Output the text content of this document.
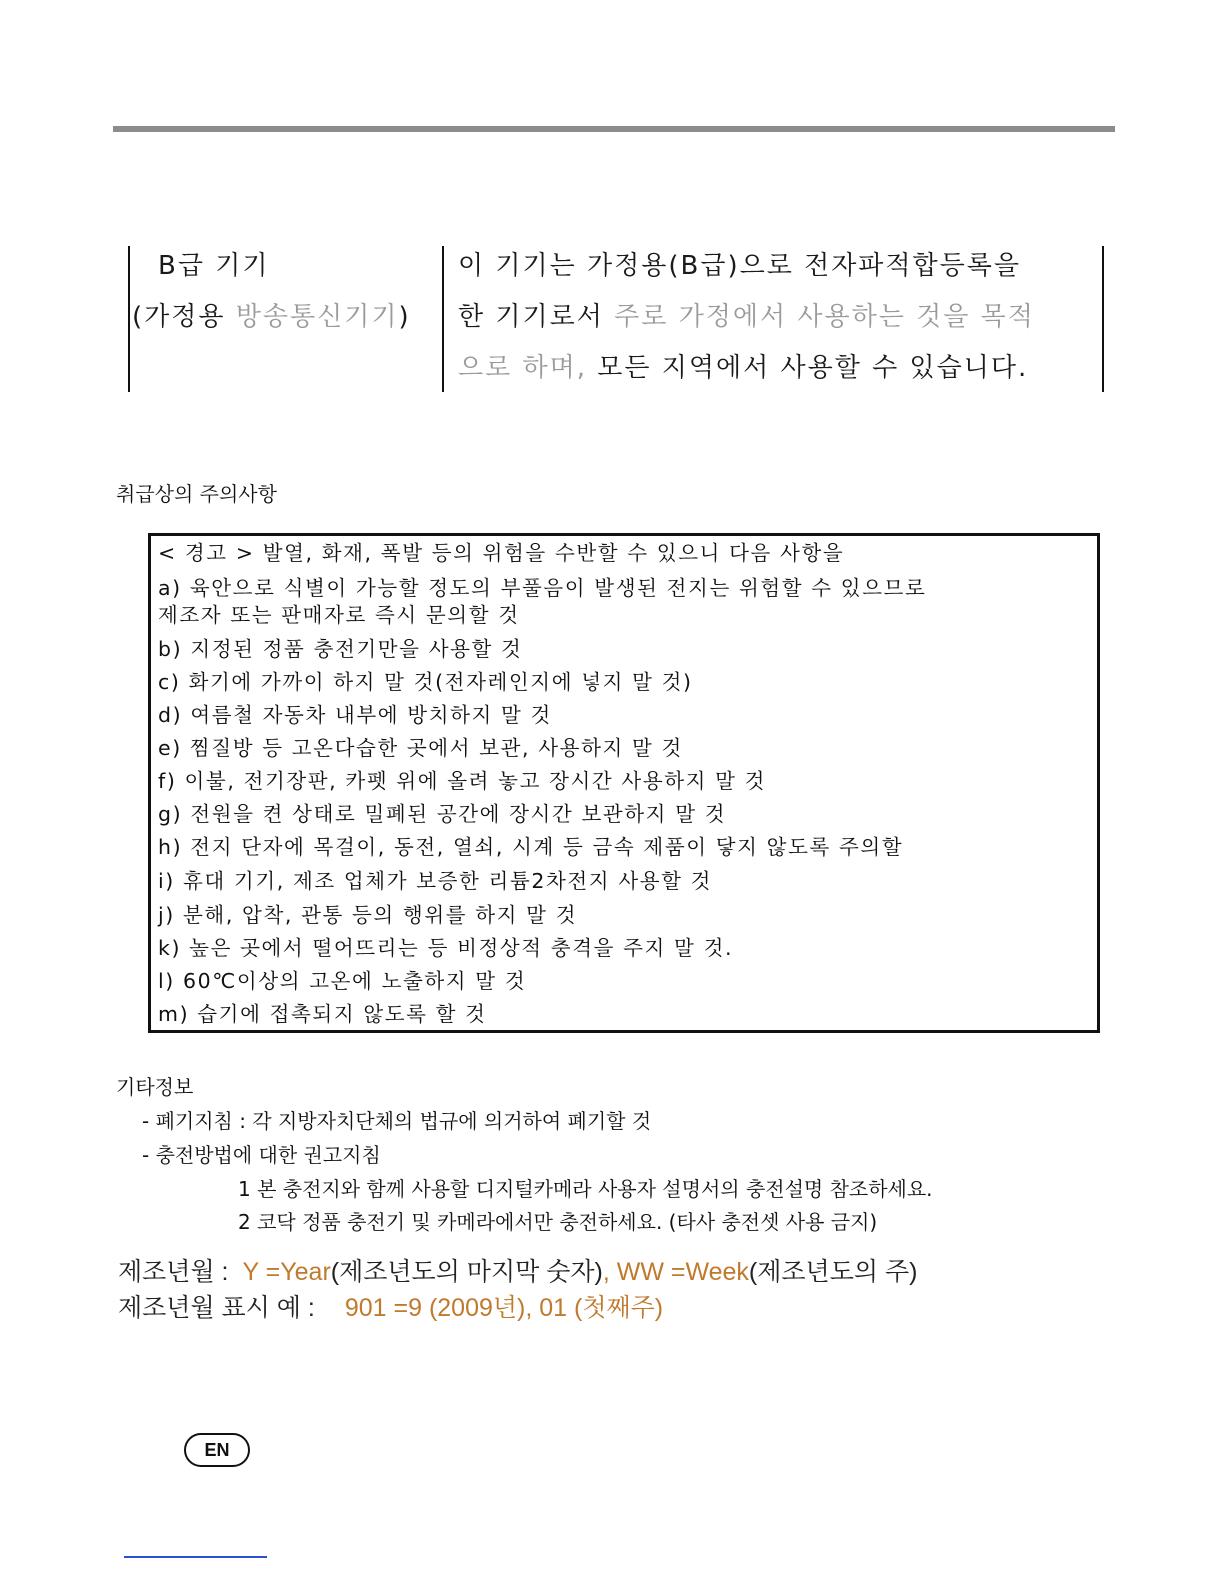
B급 기기
(가정용 방송통신기기)
이 기기는 가정용(B급)으로 전자파적합등록을
한 기기로서 주로 가정에서 사용하는 것을 목적
으로 하며, 모든 지역에서 사용할 수 있습니다.
취급상의 주의사항
< 경고 > 발열, 화재, 폭발 등의 위험을 수반할 수 있으니 다음 사항을
a) 육안으로 식별이 가능할 정도의 부풀음이 발생된 전지는 위험할 수 있으므로
제조자 또는 판매자로 즉시 문의할 것
b) 지정된 정품 충전기만을 사용할 것
c) 화기에 가까이 하지 말 것(전자레인지에 넣지 말 것)
d) 여름철 자동차 내부에 방치하지 말 것
e) 찜질방 등 고온다습한 곳에서 보관, 사용하지 말 것
f) 이불, 전기장판, 카펫 위에 올려 놓고 장시간 사용하지 말 것
g) 전원을 켠 상태로 밀폐된 공간에 장시간 보관하지 말 것
h) 전지 단자에 목걸이, 동전, 열쇠, 시계 등 금속 제품이 닿지 않도록 주의할
i) 휴대 기기, 제조 업체가 보증한 리튬2차전지 사용할 것
j) 분해, 압착, 관통 등의 행위를 하지 말 것
k) 높은 곳에서 떨어뜨리는 등 비정상적 충격을 주지 말 것.
l) 60℃이상의 고온에 노출하지 말 것
m) 습기에 접촉되지 않도록 할 것
기타정보
- 폐기지침 : 각 지방자치단체의 법규에 의거하여 폐기할 것
- 충전방법에 대한 권고지침
1 본 충전지와 함께 사용할 디지털카메라 사용자 설명서의 충전설명 참조하세요.
2 코닥 정품 충전기 및 카메라에서만 충전하세요. (타사 충전셋 사용 금지)
제조년월 : Y =Year(제조년도의 마지막 숫자), WW =Week(제조년도의 주)
제조년월 표시 예 : 901 =9 (2009년), 01 (첫째주)
EN
